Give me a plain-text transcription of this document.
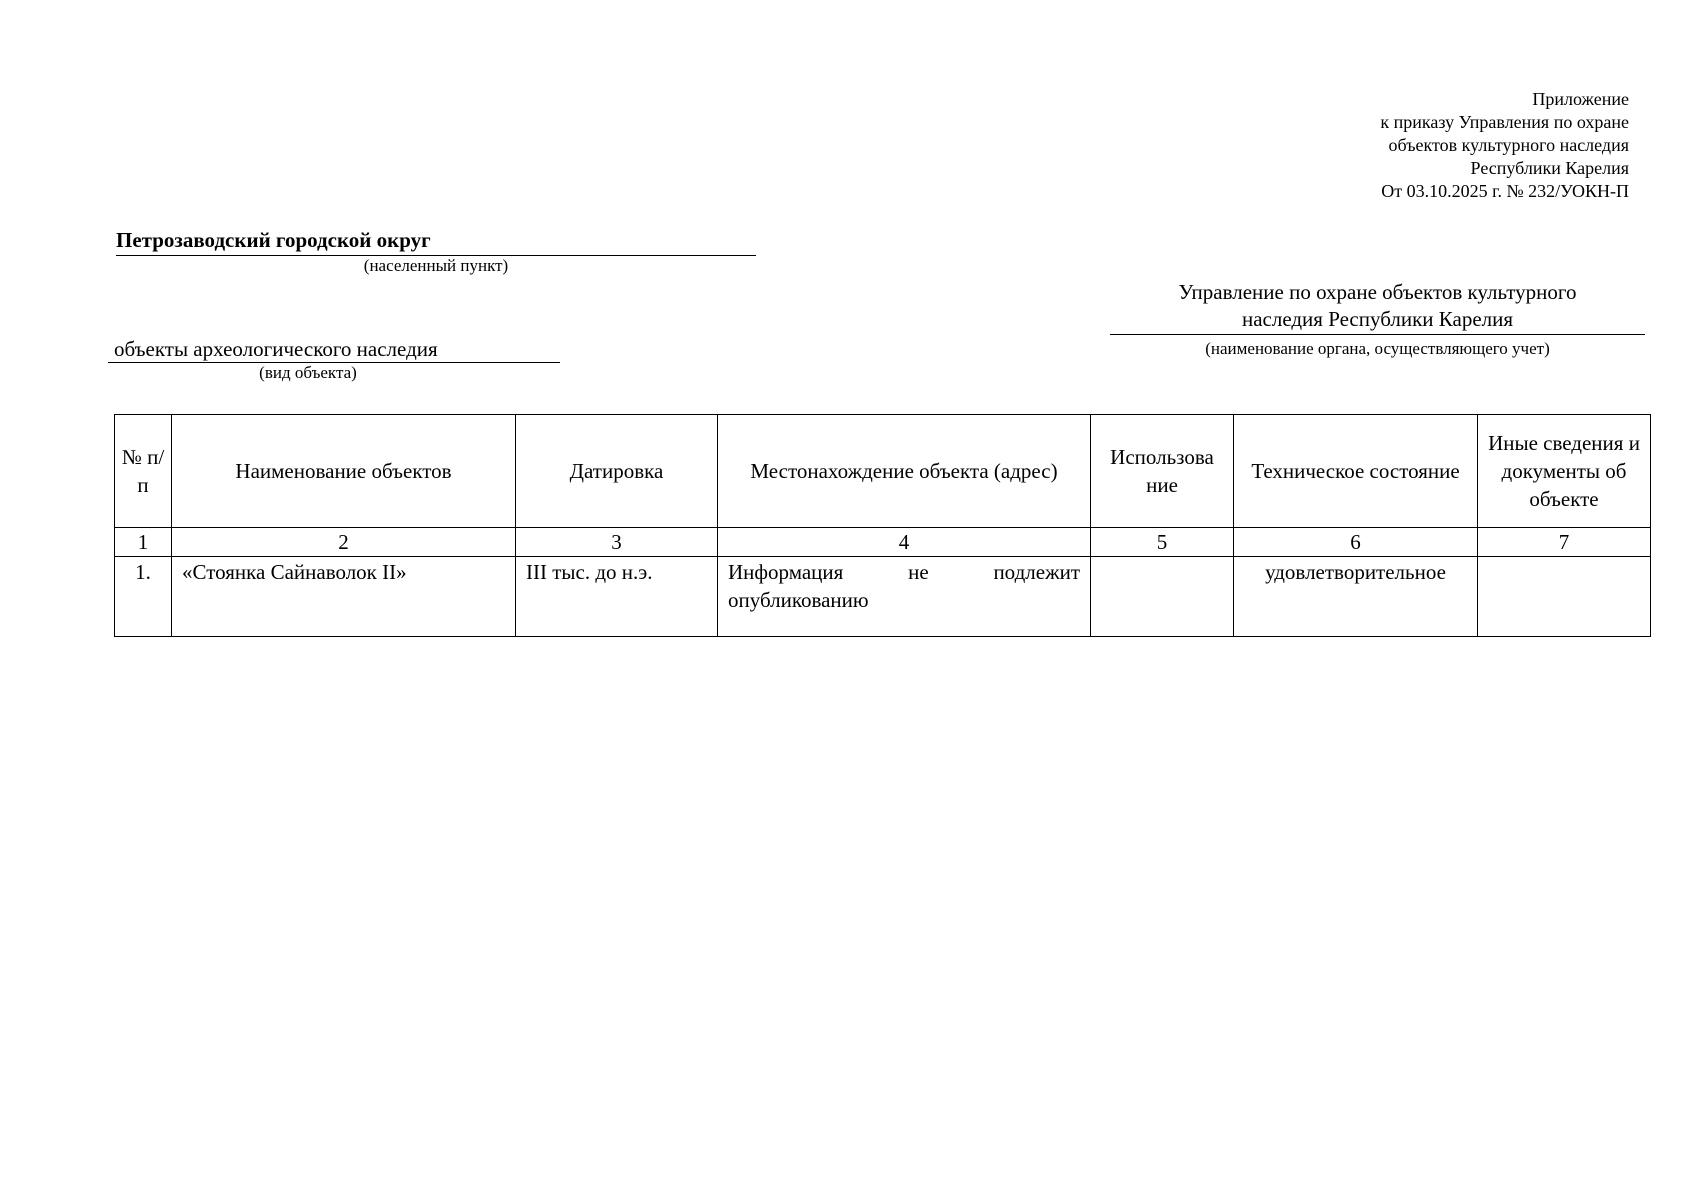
Приложение
к приказу Управления по охране
объектов культурного наследия
Республики Карелия
От 03.10.2025 г. № 232/УОКН-П
Петрозаводский городской округ
(населенный пункт)
Управление по охране объектов культурного
наследия Республики Карелия
(наименование органа, осуществляющего учет)
объекты археологического наследия
(вид объекта)
№ п/п	Наименование объектов	Датировка	Местонахождение объекта (адрес)	Использова ние	Техническое состояние	Иные сведения и документы об объекте
1	2	3	4	5	6	7
1.	«Стоянка Сайнаволок II»	III тыс. до н.э.	Информация не подлежит опубликованию		удовлетворительное	
